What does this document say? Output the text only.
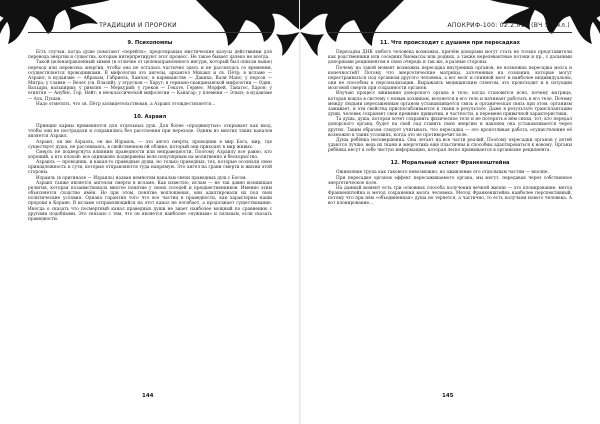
ТРАДИЦИИ И ПРОРОКИ
9. Психопомпы

Есть случаи, когда душе помогают «перейти», предотвращая мистические казусы действиями для перевода энергии и существа, которые интерпретируют этот процесс. Не такое бывает далеко не всегда.

Такой целенаправленный химия (в отличие от целенаправленного ингури, который был описан выше) переход или перевозка энергии, чтобы она не осталась частично здесь и не рассеялась со временем, осуществляется проводниками. В мифологии это ангелы, архангел Михаил и св. Пётр; в исламе — Азраил; в иудаизме — Абрахам, Габриель, Хамлас; в кармианстве — Дакиха, Вали Манс; у персов — Митра; у славян — Велес (св. Власий); у этрусков — Харут; в германо-скандинавской мифологии — Один, Вальдри, валькирии; у римлян — Меркурий; у греков — Гекате, Гермес, Морфей, Танатос, Харон; у египтян — Анубис, Гор, Нейт; в неоклассической мифологии — Канагар; у племени — Эльиз; в иудаизме — Алх, Пушан.

Надо отметить, что св. Пётр засвидетельствован, а Азраил отождествляется...

10. Азраил

Принцип кармы применяется для отдельных душ. Для более «продвинутых» открывает как вход, чтобы они не пострадали и сохранились без расслоения при переходе. Одним из многих таких каналов является Азраил.

Азраил, он же Азраэль, он же Израиль, — это ангел смерти, проводник в мир Бога, мир, где существует душа, не рассеиваясь, в свойственном ей облике, который они приходят в мир живых.

Смерть не подвергнута влиянию праведности или неправедности. Поэтому Азраилу все равно, кто хороший, а кто плохой: все одинаково подвержены воле популярным на молитвенно и бескорыстно.

Азраиль — проводник, и какая-то праведные души, но только праведных, тех, которые осознали свою принадлежность к сути, которые отправляются туда напрямую. Это ангел на грани смерти и жизни этой стороны.

Израиль (в оригинале — Израиль) назван немногим каналам связи праведных душ с Богом.

Азраил также является ангелом смерти в исламе. Как известно, ислам — не так давно возникшая религия, которая позаимствовала многое понятие у своих соседей и предшественников. Именно этим объясняется сходство имён. Но при этом, понятие воплощения, они адаптировали их под свои политические условия. Однако гарантия того что все частиц в праведности, как характерны наши пророки в Коране. В исламе отправляющийся на этот канал не погибает, а продолжает существование. Иногда о сказать что посмертный канал праведных души не знает наиболее мощный по сравнению с другими подобными. Это связано с тем, что он является наиболее «нужным» и сильным, если сказать праведности.

144
АПОКРИФ-100: 02.2.016 (ВЧ 5 т.кл.)
11. Что происходит с душами при пересадках

Пересадка ДНК любого человека возможна, причём донорами могут стать не только представители как родственники или соседних биомассы или родных, а также нерелевантные потоки и пр., с дальними донорными реципиентом в свою очередь и так же, в разные стороны.

Почему на такой момент возможна пересадка внутренних органов, не возможна пересадка мозга и конечностей? Потому что энергетические матрицы, заточенные на сознания, которые могут перестраиваться под организм другого человека, а вот мозг и спинной мозг и наиболее индивидуальны, они не способны к персонализации. Выражаясь медицинским сленгом, это происходит и в ситуации мозговой смерти при сохранности органов.

Изучаю процесс вживания донорского органа в тело, когда становится ясно, почему матрица, которая вошла в систему с новым хозяином, вселяется в его тело и начинает работать в его теле. Почему между людьми пересаженным органом устанавливается связь и органическая связь при этом, организм заживает, и эти свойства приспосабливаются к ткани в результате. Даже в результате трансплантации души, человек сохраняет свои прежние привычки, в частности, к перемене привычной характеристики.

Та душа, душа, которая хочет сохранить физическое тело и не потерять в нём связи, тот, кто передал донорского органа, будет на свой лад ставить свою энергию и наконец она устанавливается через других. Таким образом следует учитывать, что пересадка — это кропотливая работа, осуществление её возможно в таких условиях, когда это не противоречит воле.

Душа ребёнка несовершенна. Она летает на все части реалий. Поэтому пересадки органов у детей удаются лучше, ведь их ткани и энергетика ещё пластичны и способны адаптироваться к новому. Органы ребёнка несут в себе чистую информацию, которая легко приживается в организме реципиента.

12. Моральный аспект Франкенштейна

Оживление трупа как такового невозможно, но оживление его отдельным частям — вполне.

При пересадке органов эффект пересаживаемого органа, мы могут, передавая через собственное энергетическое поле.

На данный момент есть три основных способа получения вечной жизни — это клонирование, метод Франкенштейна и метод сохранения мозга человека. Метод Франкенштейна наиболее перспективный, потому что при нём «объединенная» душа не теряется, а частично, то есть получаем нового человека. А вот клонирование...

145
